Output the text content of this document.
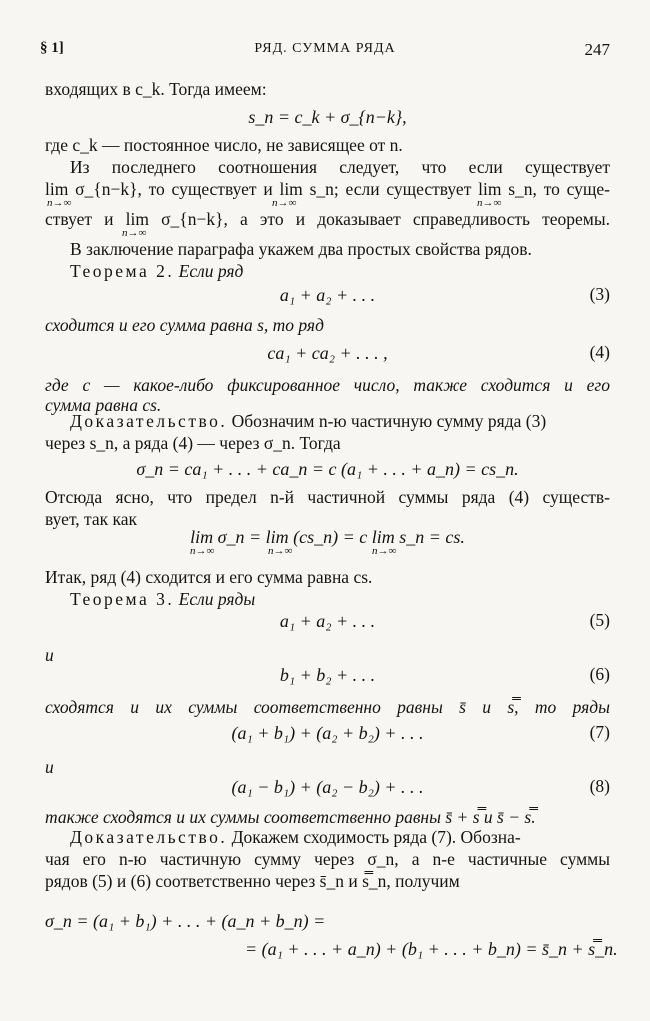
§ 1]	РЯД. СУММА РЯДА	247
входящих в c_k. Тогда имеем:
s_n = c_k + σ_{n−k},
где c_k — постоянное число, не зависящее от n.
Из последнего соотношения следует, что если существует
lim σ_{n−k}, то существует и lim s_n; если существует lim s_n, то суще-
n→∞	n→∞	n→∞
ствует и lim σ_{n−k}, а это и доказывает справедливость теоремы.
n→∞
В заключение параграфа укажем два простых свойства рядов.
Теорема 2. Если ряд
a₁ + a₂ + . . .	(3)
сходится и его сумма равна s, то ряд
ca₁ + ca₂ + . . . ,	(4)
где c — какое-либо фиксированное число, также сходится и его
сумма равна cs.
Доказательство. Обозначим n-ю частичную сумму ряда (3)
через s_n, а ряда (4) — через σ_n. Тогда
σ_n = ca₁ + . . . + ca_n = c (a₁ + . . . + a_n) = cs_n.
Отсюда ясно, что предел n-й частичной суммы ряда (4) существ-
вует, так как
lim σ_n = lim (cs_n) = c lim s_n = cs.
n→∞	n→∞	n→∞
Итак, ряд (4) сходится и его сумма равна cs.
Теорема 3. Если ряды
a₁ + a₂ + . . .	(5)
и
b₁ + b₂ + . . .	(6)
сходятся и их суммы соответственно равны s̄ и s̿, то ряды
(a₁ + b₁) + (a₂ + b₂) + . . .	(7)
и
(a₁ − b₁) + (a₂ − b₂) + . . .	(8)
также сходятся и их суммы соответственно равны s̄ + s̿ и s̄ − s̿.
Доказательство. Докажем сходимость ряда (7). Обозна-
чая его n-ю частичную сумму через σ_n, а n-е частичные суммы
рядов (5) и (6) соответственно через s̄_n и s̿_n, получим
σ_n = (a₁ + b₁) + . . . + (a_n + b_n) =
= (a₁ + . . . + a_n) + (b₁ + . . . + b_n) = s̄_n + s̿_n.
